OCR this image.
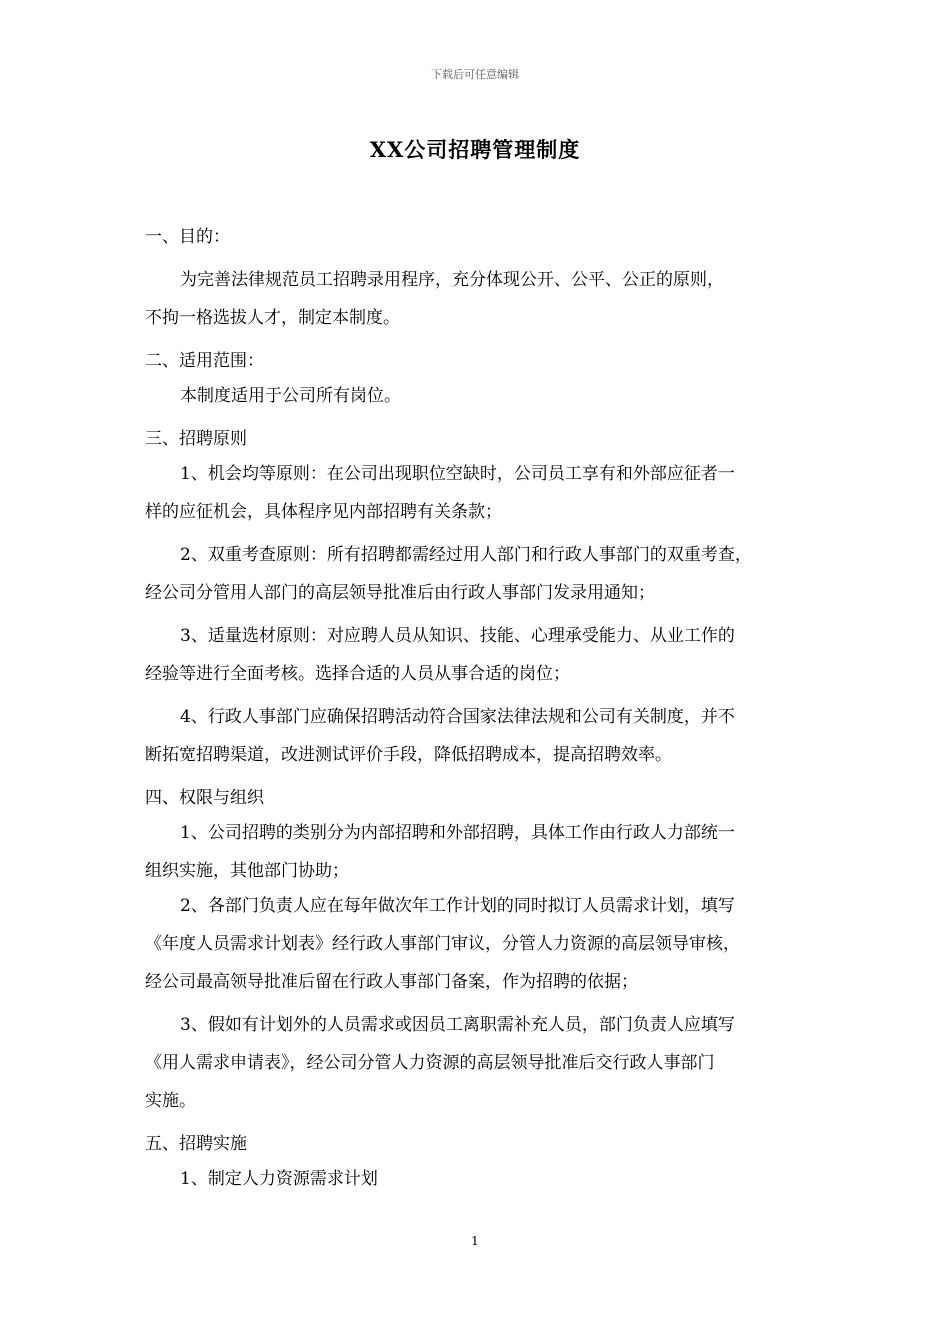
下载后可任意编辑
XX公司招聘管理制度
一、目的：
为完善法律规范员工招聘录用程序，充分体现公开、公平、公正的原则，
不拘一格选拔人才，制定本制度。
二、适用范围：
本制度适用于公司所有岗位。
三、招聘原则
1、机会均等原则：在公司出现职位空缺时，公司员工享有和外部应征者一
样的应征机会，具体程序见内部招聘有关条款；
2、双重考查原则：所有招聘都需经过用人部门和行政人事部门的双重考查，
经公司分管用人部门的高层领导批准后由行政人事部门发录用通知；
3、适量选材原则：对应聘人员从知识、技能、心理承受能力、从业工作的
经验等进行全面考核。选择合适的人员从事合适的岗位；
4、行政人事部门应确保招聘活动符合国家法律法规和公司有关制度，并不
断拓宽招聘渠道，改进测试评价手段，降低招聘成本，提高招聘效率。
四、权限与组织
1、公司招聘的类别分为内部招聘和外部招聘，具体工作由行政人力部统一
组织实施，其他部门协助；
2、各部门负责人应在每年做次年工作计划的同时拟订人员需求计划，填写
《年度人员需求计划表》经行政人事部门审议，分管人力资源的高层领导审核，
经公司最高领导批准后留在行政人事部门备案，作为招聘的依据；
3、假如有计划外的人员需求或因员工离职需补充人员，部门负责人应填写
《用人需求申请表》，经公司分管人力资源的高层领导批准后交行政人事部门
实施。
五、招聘实施
1、制定人力资源需求计划
1
